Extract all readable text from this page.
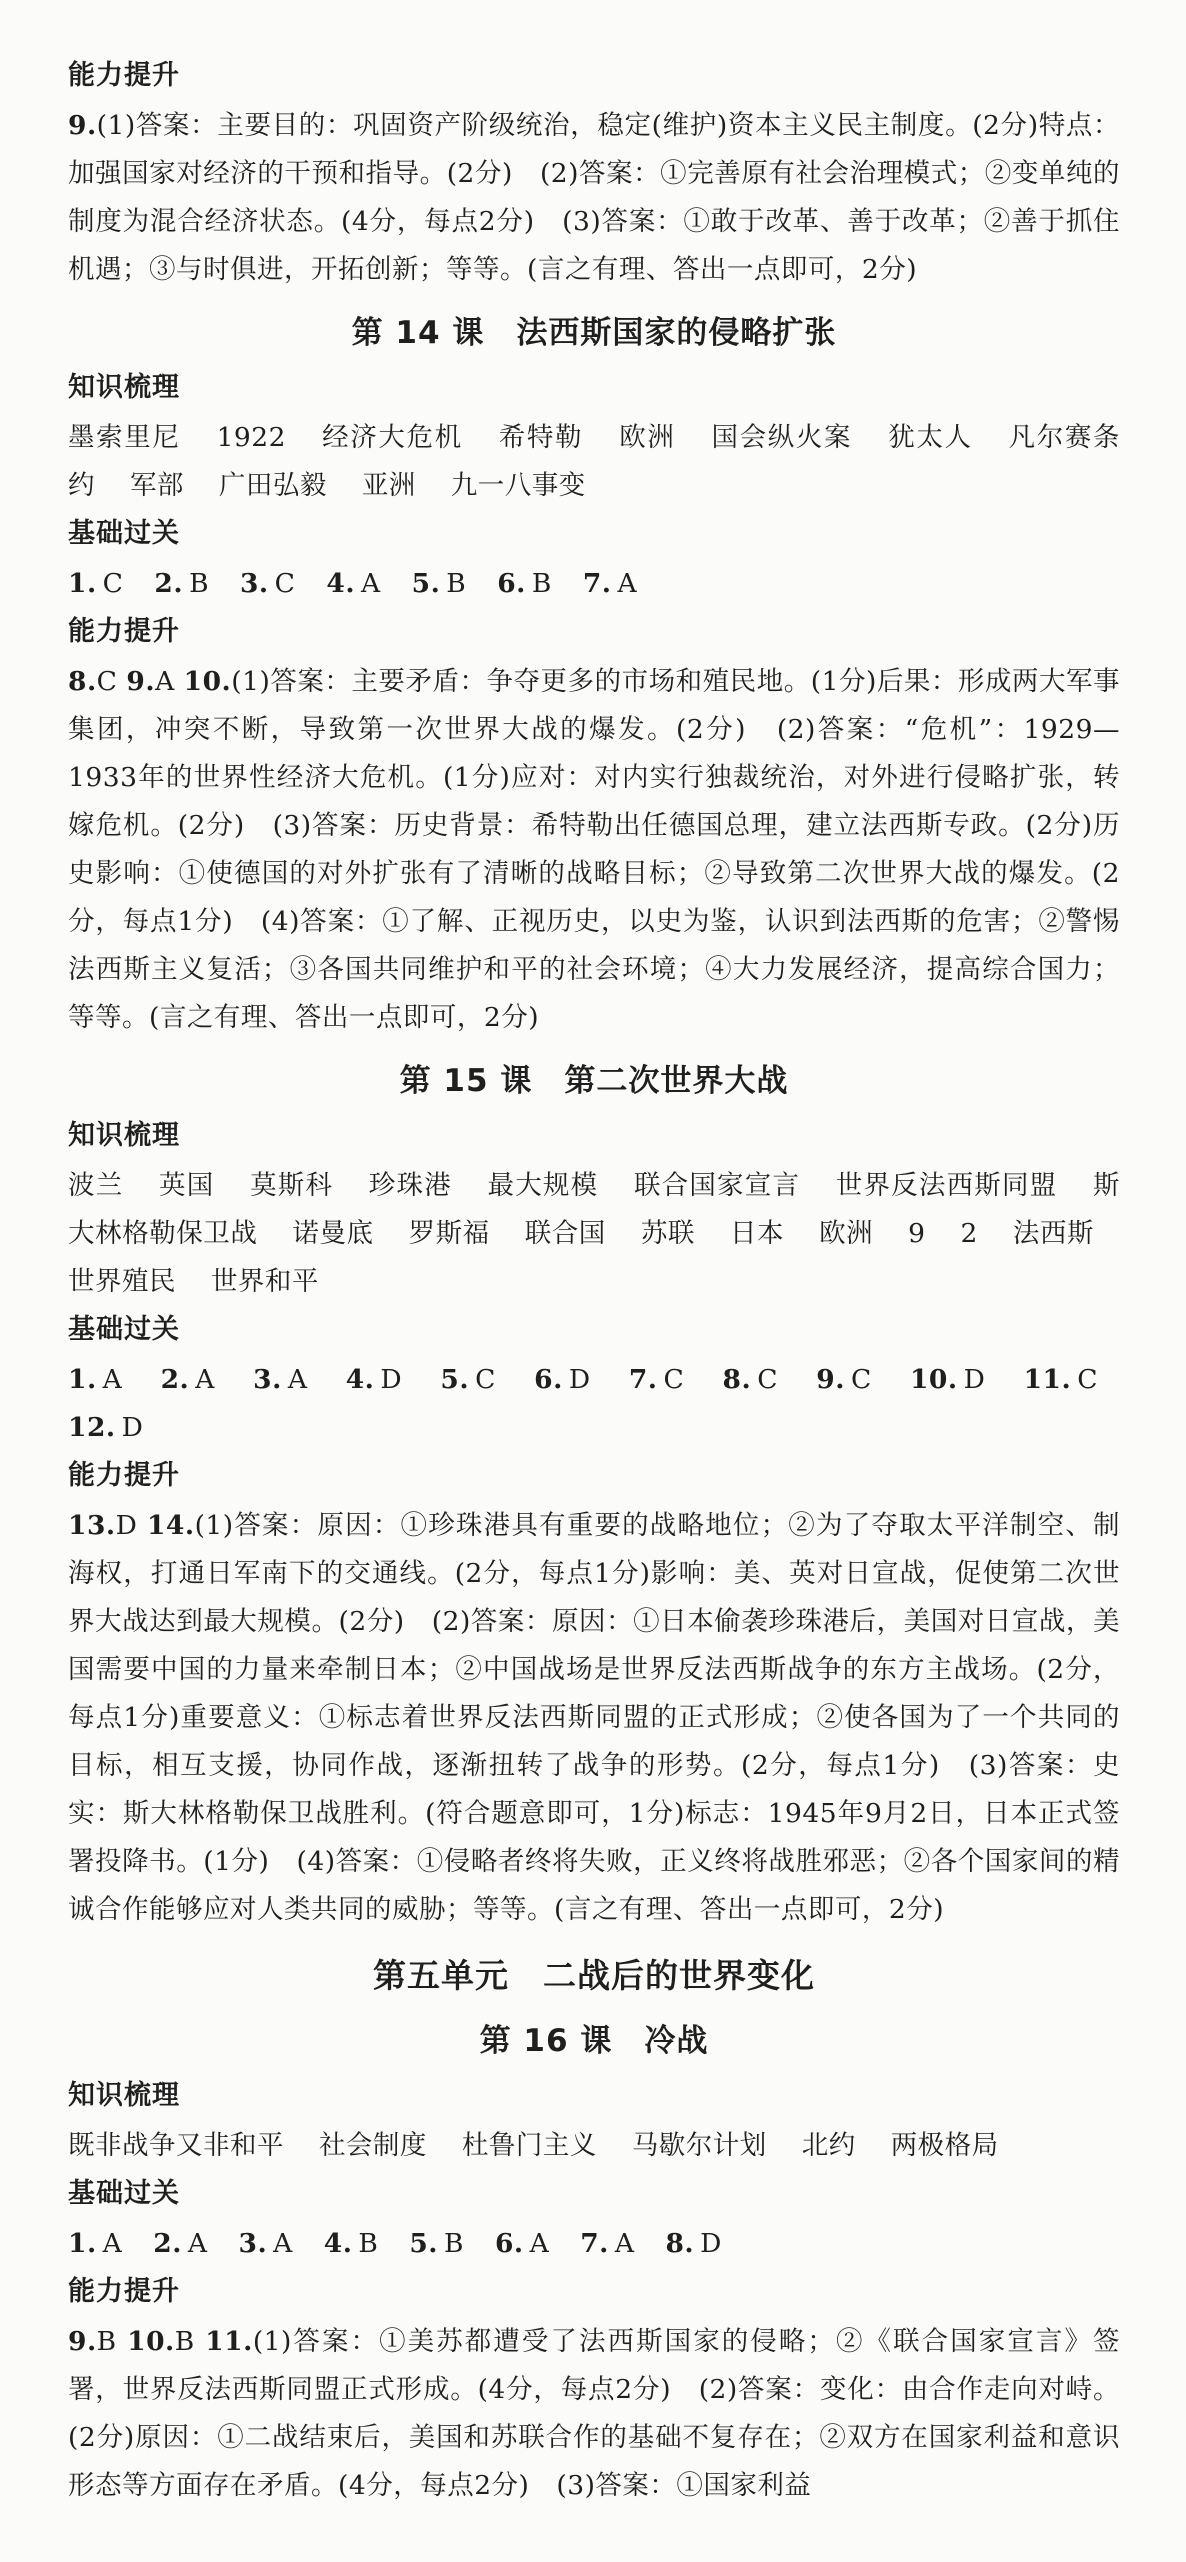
能力提升

9.(1)答案：主要目的：巩固资产阶级统治，稳定(维护)资本主义民主制度。(2分)特点：加强国家对经济的干预和指导。(2分)　(2)答案：①完善原有社会治理模式；②变单纯的制度为混合经济状态。(4分，每点2分)　(3)答案：①敢于改革、善于改革；②善于抓住机遇；③与时俱进，开拓创新；等等。(言之有理、答出一点即可，2分)

第 14 课　法西斯国家的侵略扩张
知识梳理

墨索里尼 1922 经济大危机 希特勒 欧洲 国会纵火案 犹太人 凡尔赛条约 军部 广田弘毅 亚洲 九一八事变

基础过关

1. C 2. B 3. C 4. A 5. B 6. B 7. A

能力提升

8.C 9.A 10.(1)答案：主要矛盾：争夺更多的市场和殖民地。(1分)后果：形成两大军事集团，冲突不断，导致第一次世界大战的爆发。(2分)　(2)答案：“危机”：1929—1933年的世界性经济大危机。(1分)应对：对内实行独裁统治，对外进行侵略扩张，转嫁危机。(2分)　(3)答案：历史背景：希特勒出任德国总理，建立法西斯专政。(2分)历史影响：①使德国的对外扩张有了清晰的战略目标；②导致第二次世界大战的爆发。(2分，每点1分)　(4)答案：①了解、正视历史，以史为鉴，认识到法西斯的危害；②警惕法西斯主义复活；③各国共同维护和平的社会环境；④大力发展经济，提高综合国力；等等。(言之有理、答出一点即可，2分)

第 15 课　第二次世界大战
知识梳理

波兰 英国 莫斯科 珍珠港 最大规模 联合国家宣言 世界反法西斯同盟 斯大林格勒保卫战 诺曼底 罗斯福 联合国 苏联 日本 欧洲 9 2 法西斯 世界殖民 世界和平

基础过关

1. A 2. A 3. A 4. D 5. C 6. D 7. C 8. C 9. C 10. D 11. C 12. D

能力提升

13.D 14.(1)答案：原因：①珍珠港具有重要的战略地位；②为了夺取太平洋制空、制海权，打通日军南下的交通线。(2分，每点1分)影响：美、英对日宣战，促使第二次世界大战达到最大规模。(2分)　(2)答案：原因：①日本偷袭珍珠港后，美国对日宣战，美国需要中国的力量来牵制日本；②中国战场是世界反法西斯战争的东方主战场。(2分，每点1分)重要意义：①标志着世界反法西斯同盟的正式形成；②使各国为了一个共同的目标，相互支援，协同作战，逐渐扭转了战争的形势。(2分，每点1分)　(3)答案：史实：斯大林格勒保卫战胜利。(符合题意即可，1分)标志：1945年9月2日，日本正式签署投降书。(1分)　(4)答案：①侵略者终将失败，正义终将战胜邪恶；②各个国家间的精诚合作能够应对人类共同的威胁；等等。(言之有理、答出一点即可，2分)

第五单元　二战后的世界变化
第 16 课　冷战
知识梳理

既非战争又非和平 社会制度 杜鲁门主义 马歇尔计划 北约 两极格局

基础过关

1. A 2. A 3. A 4. B 5. B 6. A 7. A 8. D

能力提升

9.B 10.B 11.(1)答案：①美苏都遭受了法西斯国家的侵略；②《联合国家宣言》签署，世界反法西斯同盟正式形成。(4分，每点2分)　(2)答案：变化：由合作走向对峙。(2分)原因：①二战结束后，美国和苏联合作的基础不复存在；②双方在国家利益和意识形态等方面存在矛盾。(4分，每点2分)　(3)答案：①国家利益
